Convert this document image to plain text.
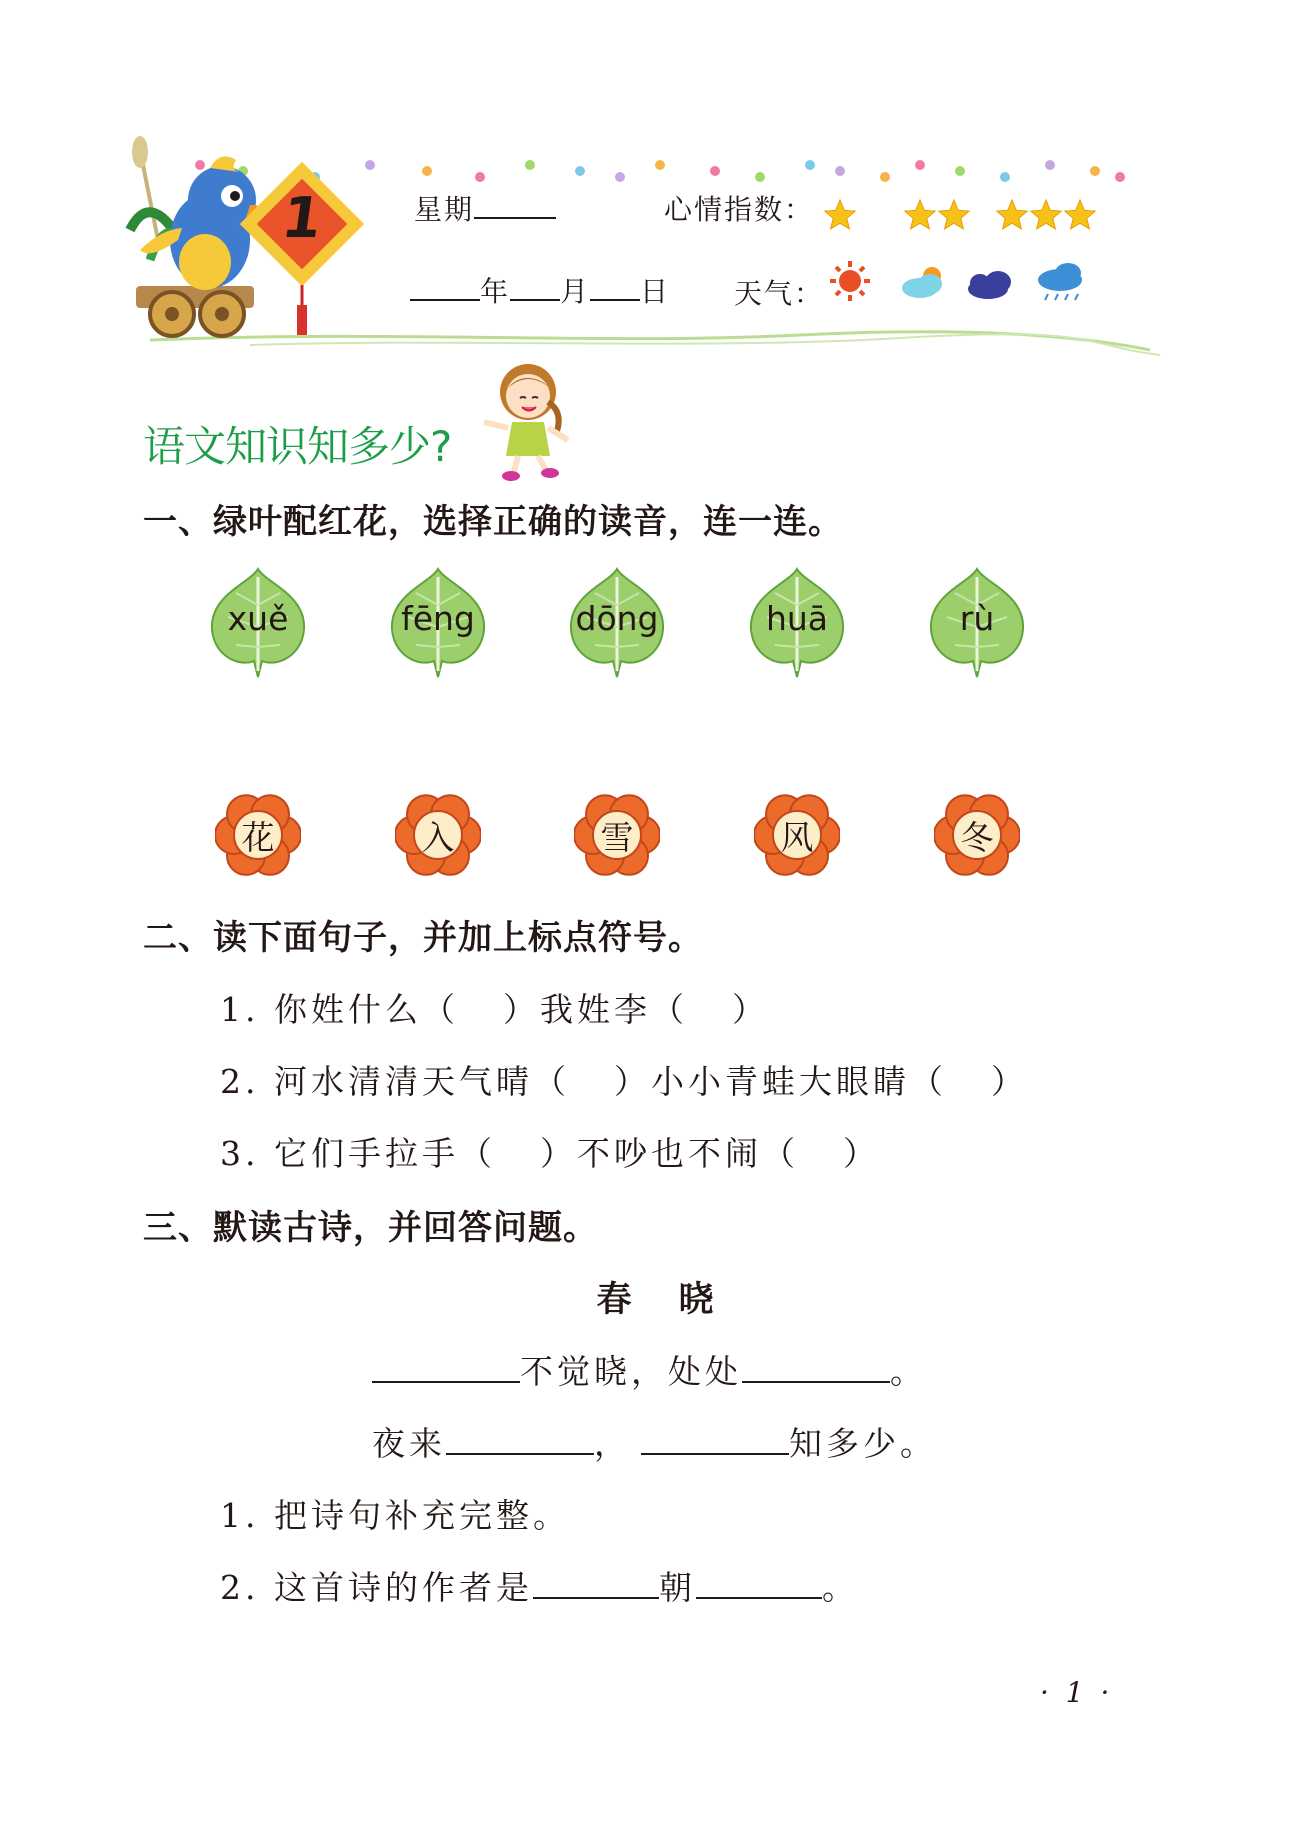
1	星期	心情指数：
年 月 日 天气：
语文知识知多少?
一、绿叶配红花，选择正确的读音，连一连。
xuě	fēng	dōng	huā	rù
花	入	雪	风	冬
二、读下面句子，并加上标点符号。
1. 你姓什么（ ）我姓李（ ）
2. 河水清清天气晴（ ）小小青蛙大眼睛（ ）
3. 它们手拉手（ ）不吵也不闹（ ）
三、默读古诗，并回答问题。
春　晓
不觉晓，处处	。
夜来	，	知多少。
1. 把诗句补充完整。
2. 这首诗的作者是	朝	。
· 1 ·
